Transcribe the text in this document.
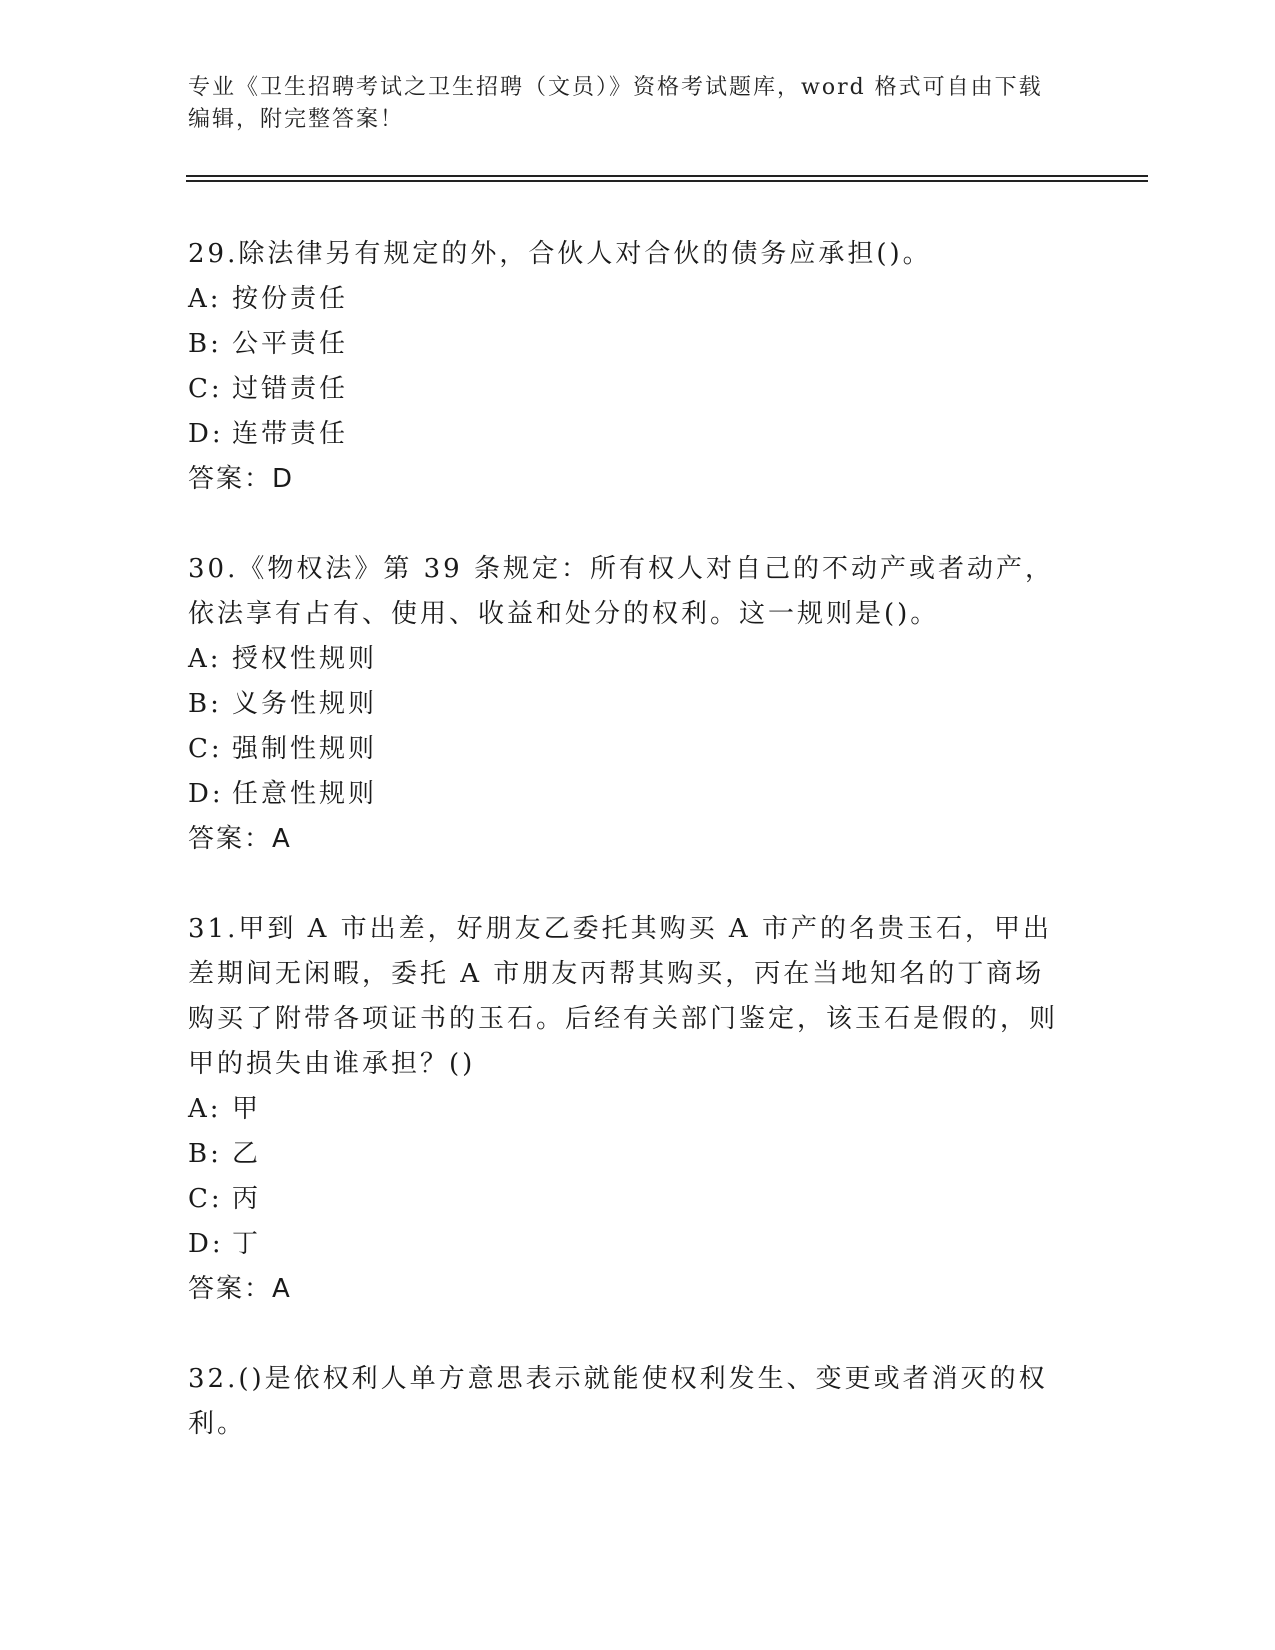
专业《卫生招聘考试之卫生招聘（文员）》资格考试题库，word 格式可自由下载
编辑，附完整答案！

29.除法律另有规定的外，合伙人对合伙的债务应承担()。

A: 按份责任

B: 公平责任

C: 过错责任

D: 连带责任

答案：D

30.《物权法》第 39 条规定：所有权人对自己的不动产或者动产，依法享有占有、使用、收益和处分的权利。这一规则是()。

A: 授权性规则

B: 义务性规则

C: 强制性规则

D: 任意性规则

答案：A

31.甲到 A 市出差，好朋友乙委托其购买 A 市产的名贵玉石，甲出差期间无闲暇，委托 A 市朋友丙帮其购买，丙在当地知名的丁商场购买了附带各项证书的玉石。后经有关部门鉴定，该玉石是假的，则甲的损失由谁承担？()

A: 甲

B: 乙

C: 丙

D: 丁

答案：A

32.()是依权利人单方意思表示就能使权利发生、变更或者消灭的权利。
